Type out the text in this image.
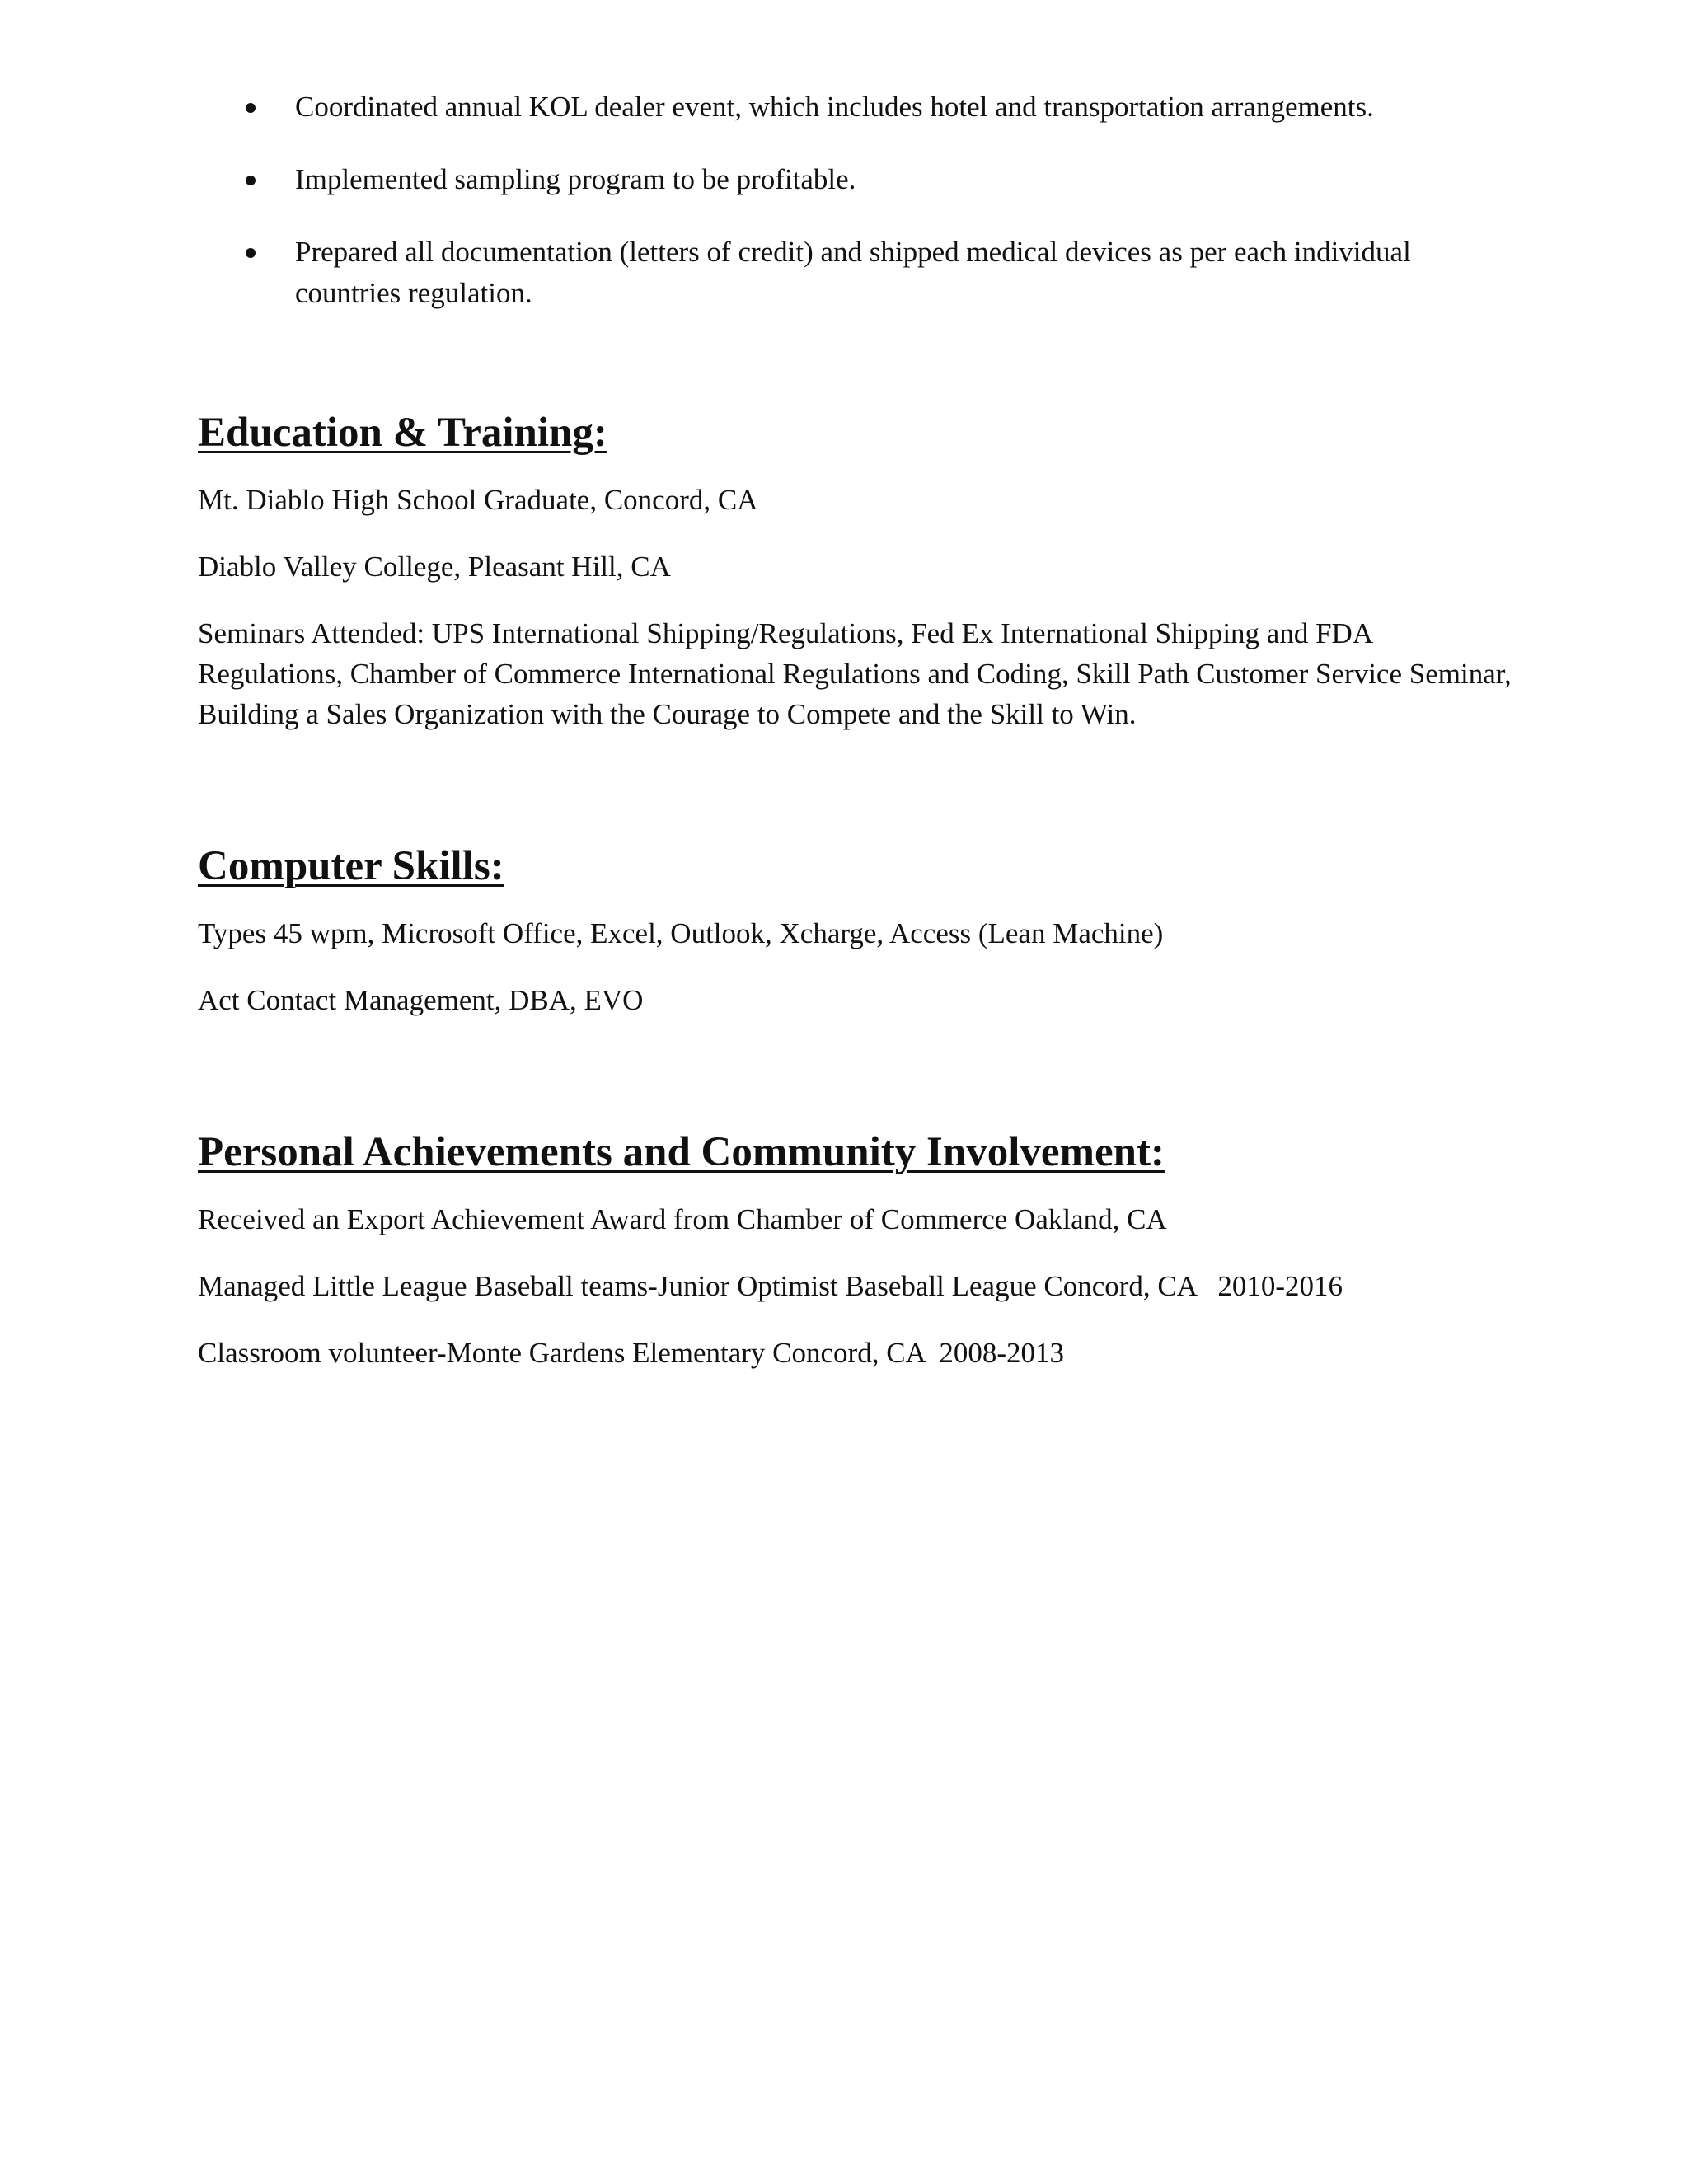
Coordinated annual KOL dealer event, which includes hotel and transportation arrangements.
Implemented sampling program to be profitable.
Prepared all documentation (letters of credit) and shipped medical devices as per each individual countries regulation.
Education & Training:

Mt. Diablo High School Graduate, Concord, CA

Diablo Valley College, Pleasant Hill, CA

Seminars Attended: UPS International Shipping/Regulations, Fed Ex International Shipping and FDA Regulations, Chamber of Commerce International Regulations and Coding, Skill Path Customer Service Seminar, Building a Sales Organization with the Courage to Compete and the Skill to Win.

Computer Skills:

Types 45 wpm, Microsoft Office, Excel, Outlook, Xcharge, Access (Lean Machine)

Act Contact Management, DBA, EVO

Personal Achievements and Community Involvement:

Received an Export Achievement Award from Chamber of Commerce Oakland, CA

Managed Little League Baseball teams-Junior Optimist Baseball League Concord, CA   2010-2016

Classroom volunteer-Monte Gardens Elementary Concord, CA  2008-2013
